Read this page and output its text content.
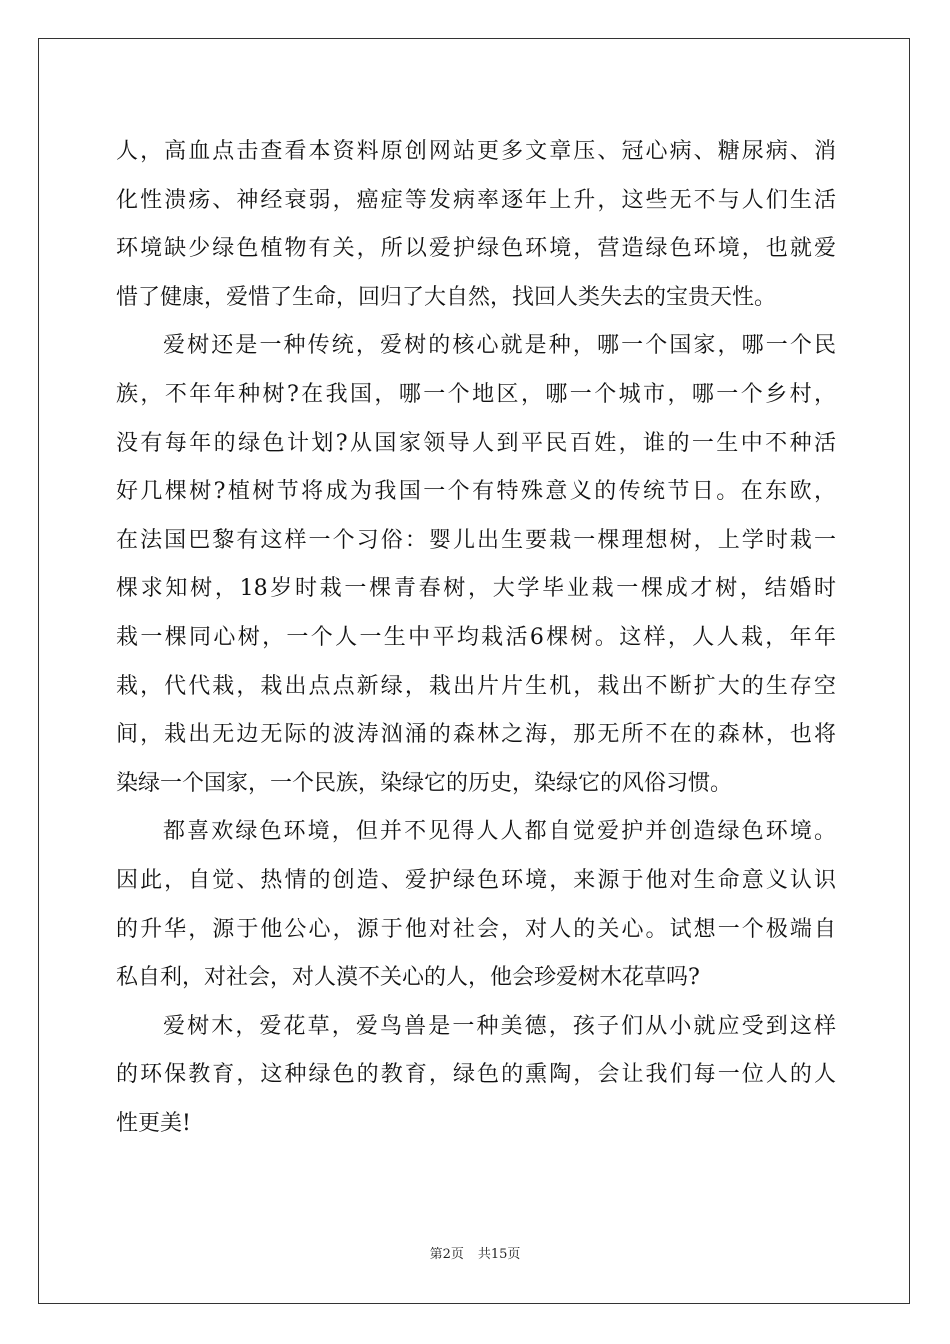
人，高血点击查看本资料原创网站更多文章压、冠心病、糖尿病、消
化性溃疡、神经衰弱，癌症等发病率逐年上升，这些无不与人们生活
环境缺少绿色植物有关，所以爱护绿色环境，营造绿色环境，也就爱
惜了健康，爱惜了生命，回归了大自然，找回人类失去的宝贵天性。
爱树还是一种传统，爱树的核心就是种，哪一个国家，哪一个民
族，不年年种树?在我国，哪一个地区，哪一个城市，哪一个乡村，
没有每年的绿色计划?从国家领导人到平民百姓，谁的一生中不种活
好几棵树?植树节将成为我国一个有特殊意义的传统节日。在东欧，
在法国巴黎有这样一个习俗：婴儿出生要栽一棵理想树，上学时栽一
棵求知树，18岁时栽一棵青春树，大学毕业栽一棵成才树，结婚时
栽一棵同心树，一个人一生中平均栽活6棵树。这样，人人栽，年年
栽，代代栽，栽出点点新绿，栽出片片生机，栽出不断扩大的生存空
间，栽出无边无际的波涛汹涌的森林之海，那无所不在的森林，也将
染绿一个国家，一个民族，染绿它的历史，染绿它的风俗习惯。
都喜欢绿色环境，但并不见得人人都自觉爱护并创造绿色环境。
因此，自觉、热情的创造、爱护绿色环境，来源于他对生命意义认识
的升华，源于他公心，源于他对社会，对人的关心。试想一个极端自
私自利，对社会，对人漠不关心的人，他会珍爱树木花草吗?
爱树木，爱花草，爱鸟兽是一种美德，孩子们从小就应受到这样
的环保教育，这种绿色的教育，绿色的熏陶，会让我们每一位人的人
性更美!
第2页 共15页
